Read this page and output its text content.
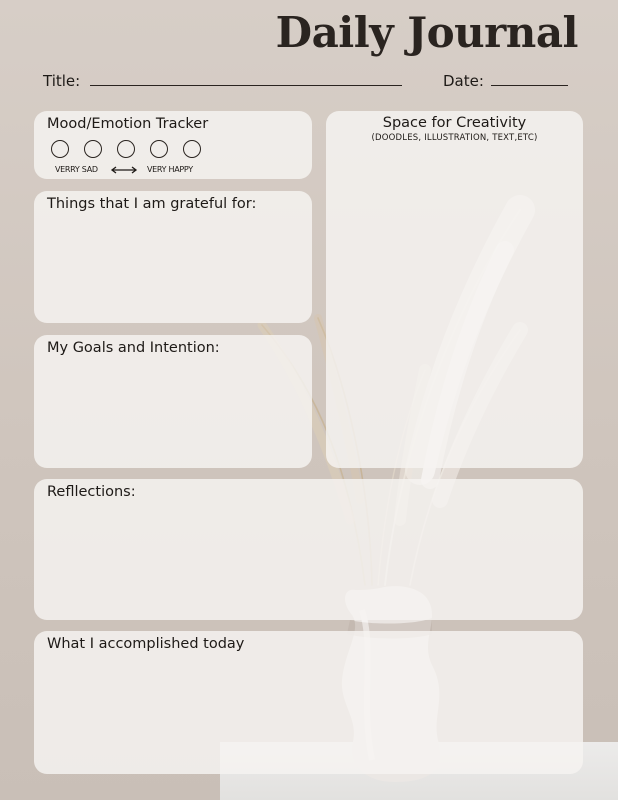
Daily Journal
Title:	Date:
Mood/Emotion Tracker
VERRY SAD	VERY HAPPY
Space for Creativity
(DOODLES, ILLUSTRATION, TEXT,ETC)
Things that I am grateful for:
My Goals and Intention:
Refllections:
What I accomplished today
